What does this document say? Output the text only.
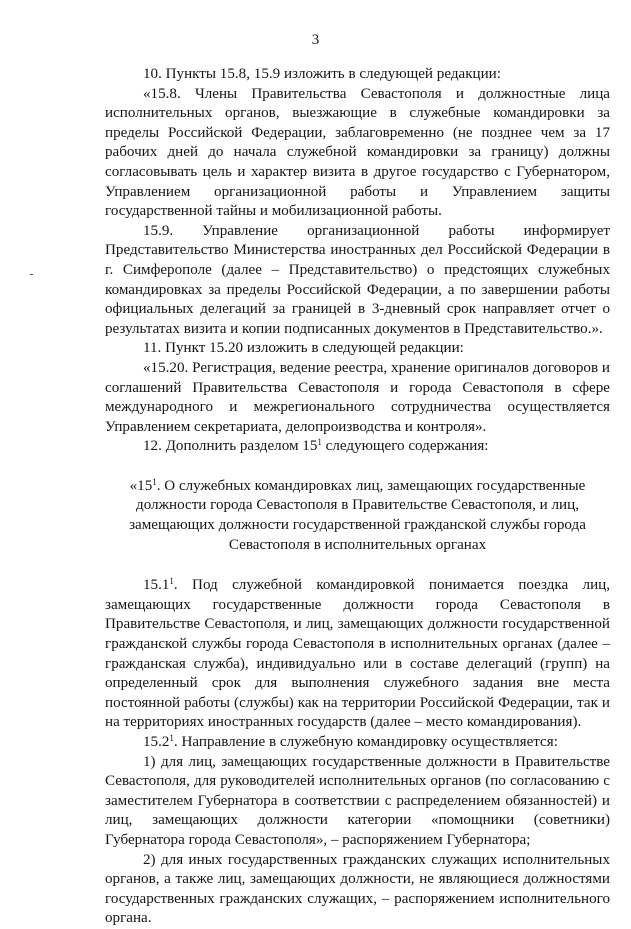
3

10. Пункты 15.8, 15.9 изложить в следующей редакции:

«15.8. Члены Правительства Севастополя и должностные лица исполнительных органов, выезжающие в служебные командировки за пределы Российской Федерации, заблаговременно (не позднее чем за 17 рабочих дней до начала служебной командировки за границу) должны согласовывать цель и характер визита в другое государство с Губернатором, Управлением организационной работы и Управлением защиты государственной тайны и мобилизационной работы.

15.9. Управление организационной работы информирует Представительство Министерства иностранных дел Российской Федерации в г. Симферополе (далее – Представительство) о предстоящих служебных командировках за пределы Российской Федерации, а по завершении работы официальных делегаций за границей в 3-дневный срок направляет отчет о результатах визита и копии подписанных документов в Представительство.».

11. Пункт 15.20 изложить в следующей редакции:

«15.20. Регистрация, ведение реестра, хранение оригиналов договоров и соглашений Правительства Севастополя и города Севастополя в сфере международного и межрегионального сотрудничества осуществляется Управлением секретариата, делопроизводства и контроля».

12. Дополнить разделом $15^1$ следующего содержания:

«$15^1$. О служебных командировках лиц, замещающих государственные
должности города Севастополя в Правительстве Севастополя, и лиц,
замещающих должности государственной гражданской службы города
Севастополя в исполнительных органах

15.1$^1$. Под служебной командировкой понимается поездка лиц, замещающих государственные должности города Севастополя в Правительстве Севастополя, и лиц, замещающих должности государственной гражданской службы города Севастополя в исполнительных органах (далее – гражданская служба), индивидуально или в составе делегаций (групп) на определенный срок для выполнения служебного задания вне места постоянной работы (службы) как на территории Российской Федерации, так и на территориях иностранных государств (далее – место командирования).

15.2$^1$. Направление в служебную командировку осуществляется:

1) для лиц, замещающих государственные должности в Правительстве Севастополя, для руководителей исполнительных органов (по согласованию с заместителем Губернатора в соответствии с распределением обязанностей) и лиц, замещающих должности категории «помощники (советники) Губернатора города Севастополя», – распоряжением Губернатора;

2) для иных государственных гражданских служащих исполнительных органов, а также лиц, замещающих должности, не являющиеся должностями государственных гражданских служащих, – распоряжением исполнительного органа.
